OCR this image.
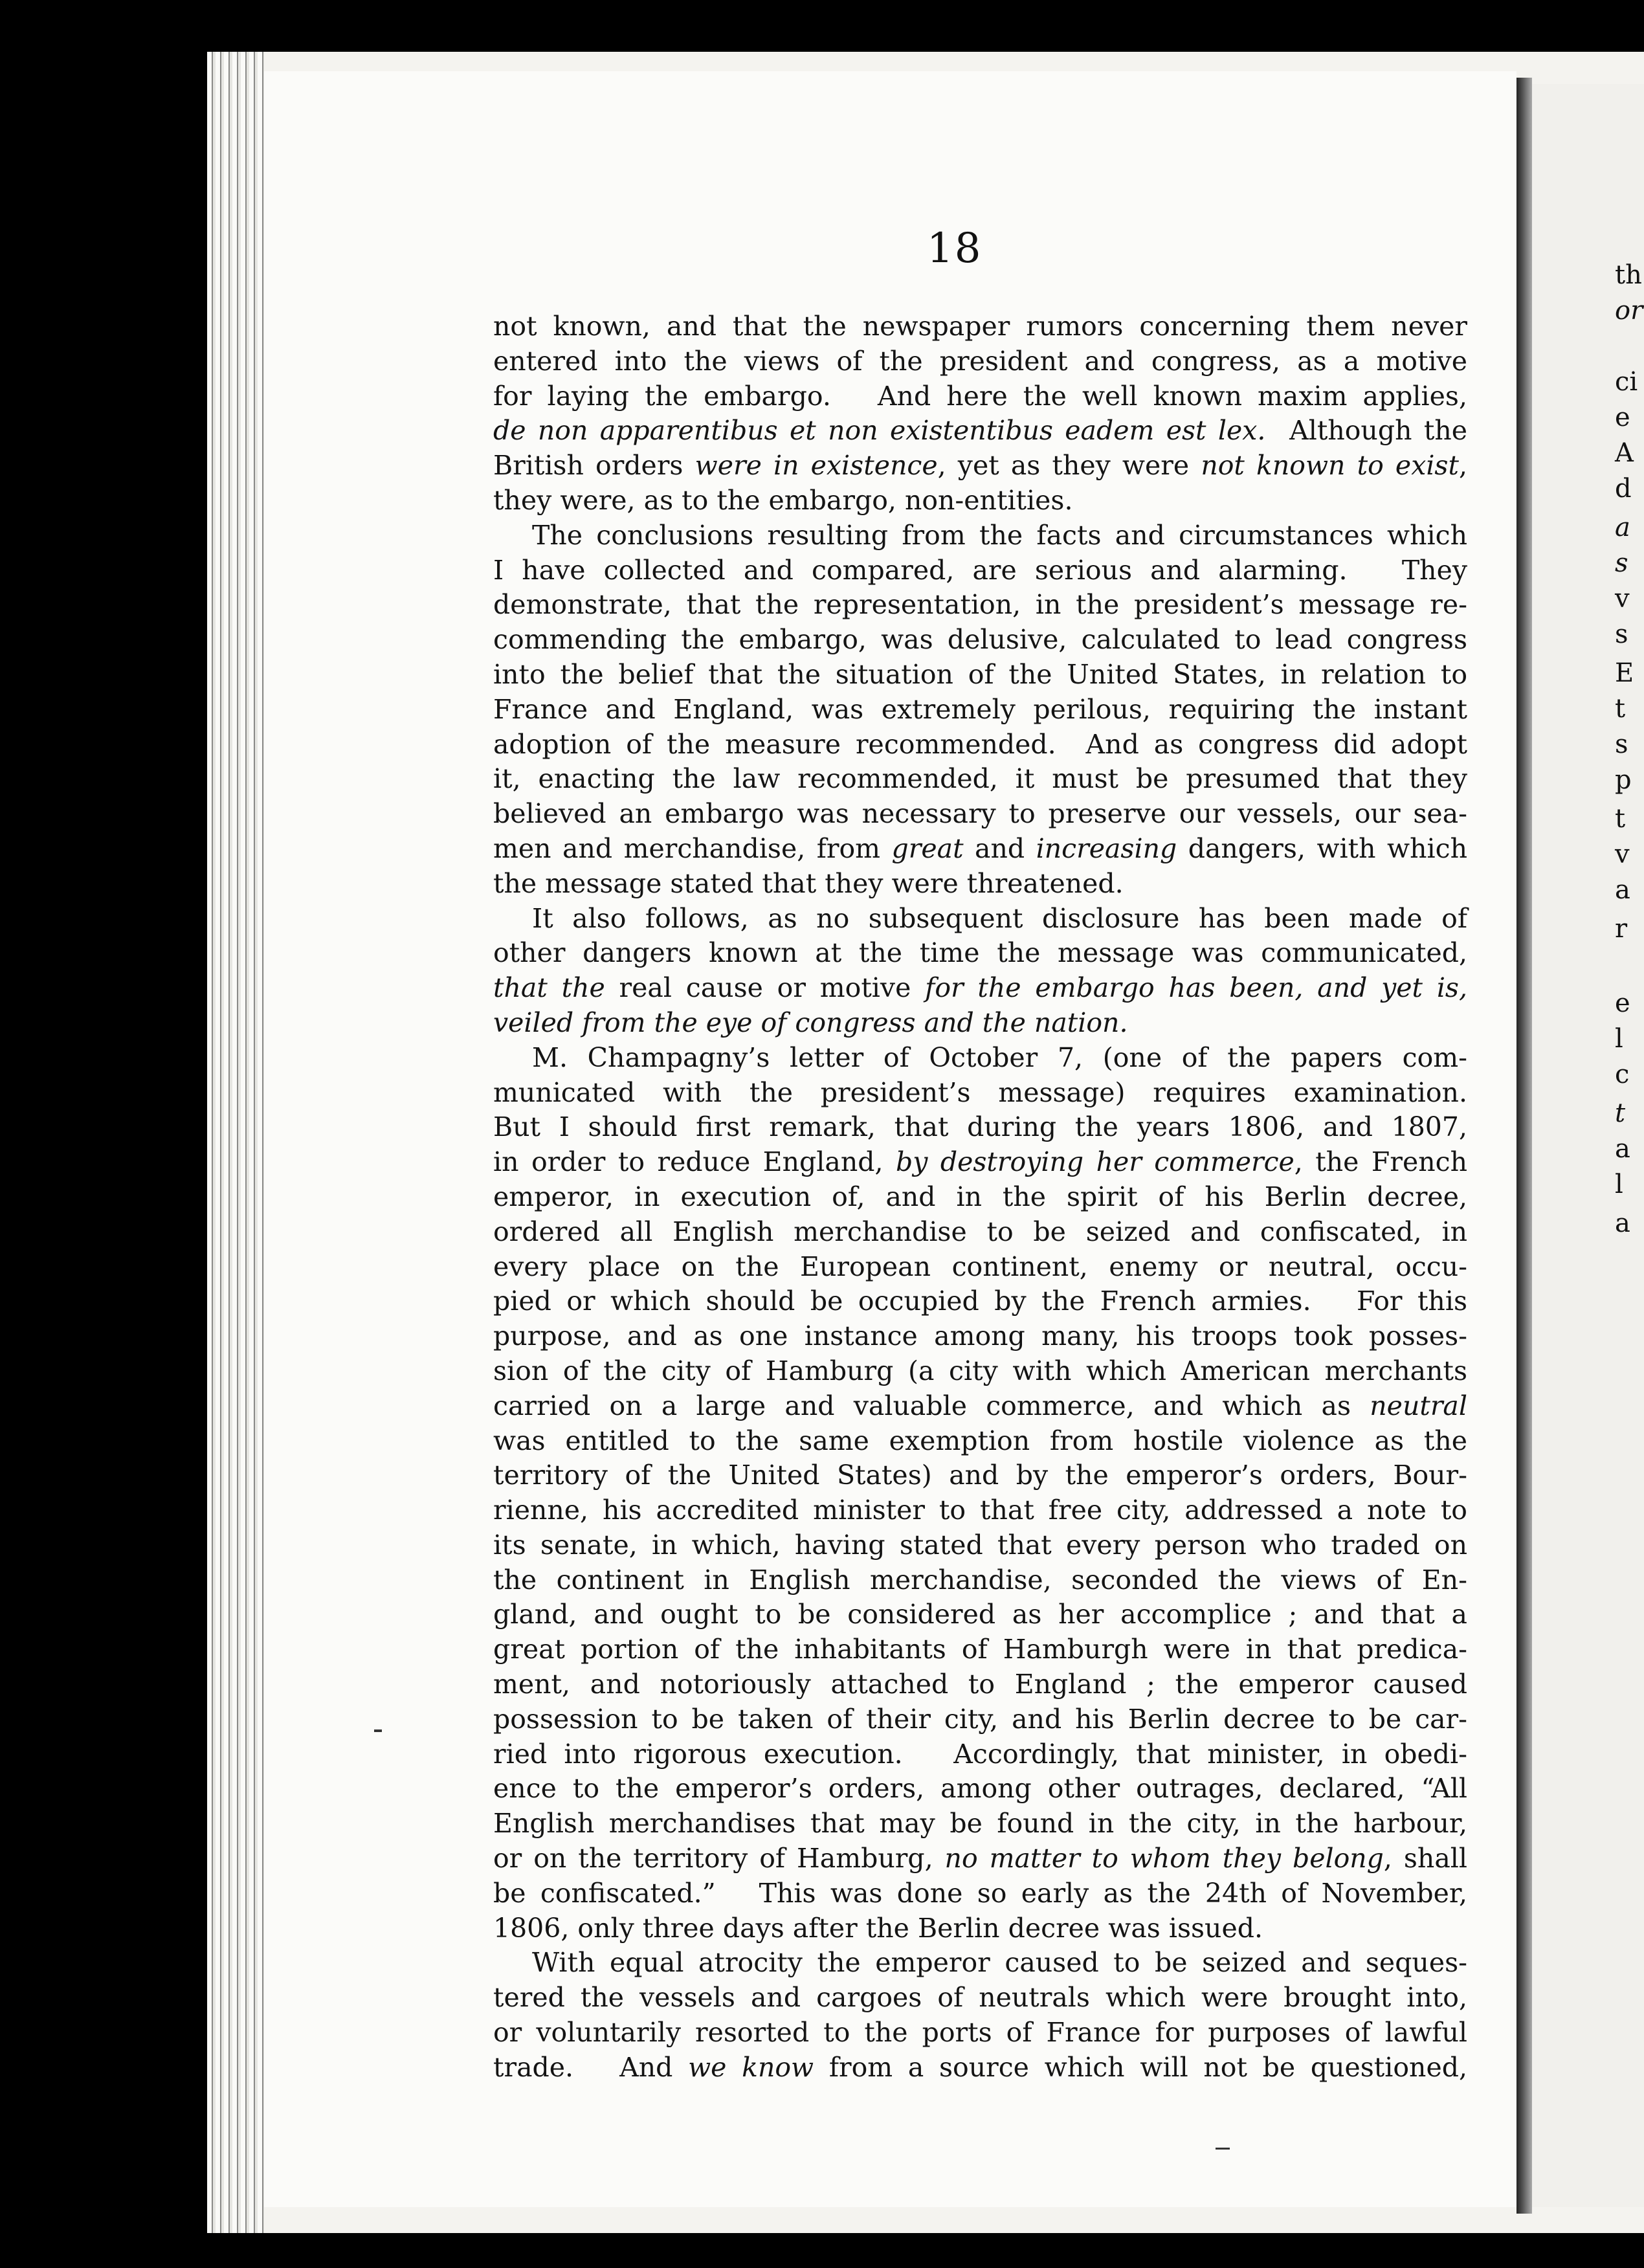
th
or
ci
e
A
d
a
s
v
s
E
t
s
p
t
v
a
r
e
l
c
t
a
l
a
18
not known, and that the newspaper rumors concerning them never
entered into the views of the president and congress, as a motive
for laying the embargo.   And here the well known maxim applies,
de non apparentibus et non existentibus eadem est lex.  Although the
British orders were in existence, yet as they were not known to exist,
they were, as to the embargo, non-entities.
The conclusions resulting from the facts and circumstances which
I have collected and compared, are serious and alarming.   They
demonstrate, that the representation, in the president’s message re-
commending the embargo, was delusive, calculated to lead congress
into the belief that the situation of the United States, in relation to
France and England, was extremely perilous, requiring the instant
adoption of the measure recommended.  And as congress did adopt
it, enacting the law recommended, it must be presumed that they
believed an embargo was necessary to preserve our vessels, our sea-
men and merchandise, from great and increasing dangers, with which
the message stated that they were threatened.
It also follows, as no subsequent disclosure has been made of
other dangers known at the time the message was communicated,
that the real cause or motive for the embargo has been, and yet is,
veiled from the eye of congress and the nation.
M. Champagny’s letter of October 7, (one of the papers com-
municated with the president’s message) requires examination.
But I should first remark, that during the years 1806, and 1807,
in order to reduce England, by destroying her commerce, the French
emperor, in execution of, and in the spirit of his Berlin decree,
ordered all English merchandise to be seized and confiscated, in
every place on the European continent, enemy or neutral, occu-
pied or which should be occupied by the French armies.   For this
purpose, and as one instance among many, his troops took posses-
sion of the city of Hamburg (a city with which American merchants
carried on a large and valuable commerce, and which as neutral
was entitled to the same exemption from hostile violence as the
territory of the United States) and by the emperor’s orders, Bour-
rienne, his accredited minister to that free city, addressed a note to
its senate, in which, having stated that every person who traded on
the continent in English merchandise, seconded the views of En-
gland, and ought to be considered as her accomplice ; and that a
great portion of the inhabitants of Hamburgh were in that predica-
ment, and notoriously attached to England ; the emperor caused
possession to be taken of their city, and his Berlin decree to be car-
ried into rigorous execution.   Accordingly, that minister, in obedi-
ence to the emperor’s orders, among other outrages, declared, “All
English merchandises that may be found in the city, in the harbour,
or on the territory of Hamburg, no matter to whom they belong, shall
be confiscated.”   This was done so early as the 24th of November,
1806, only three days after the Berlin decree was issued.
With equal atrocity the emperor caused to be seized and seques-
tered the vessels and cargoes of neutrals which were brought into,
or voluntarily resorted to the ports of France for purposes of lawful
trade.   And we know from a source which will not be questioned,
